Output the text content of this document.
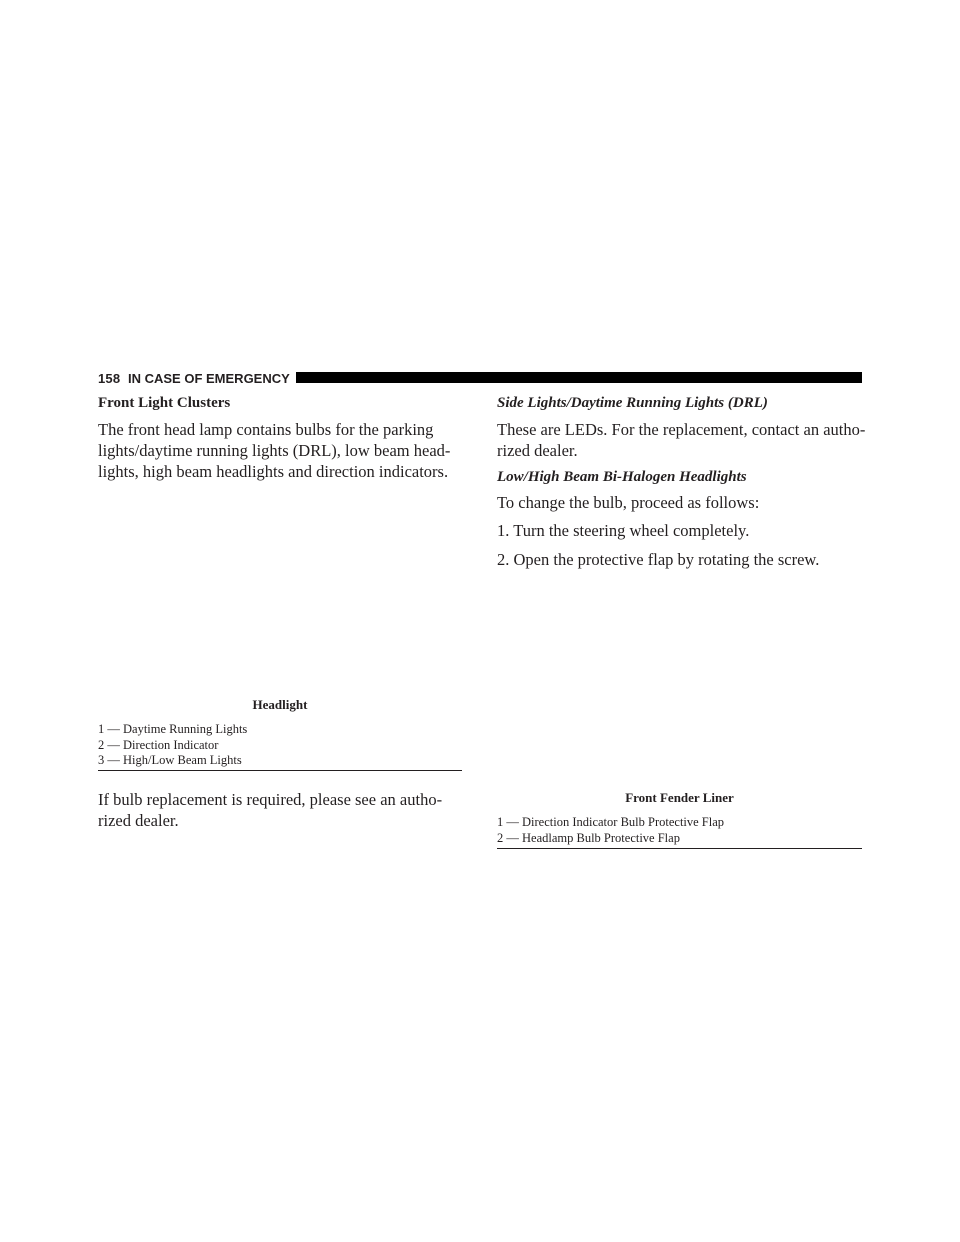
158 IN CASE OF EMERGENCY
Front Light Clusters

The front head lamp contains bulbs for the parking

lights/daytime running lights (DRL), low beam head-

lights, high beam headlights and direction indicators.

Headlight
1 — Daytime Running Lights
2 — Direction Indicator
3 — High/Low Beam Lights

If bulb replacement is required, please see an autho-

rized dealer.

Side Lights/Daytime Running Lights (DRL)

These are LEDs. For the replacement, contact an autho-

rized dealer.

Low/High Beam Bi-Halogen Headlights

To change the bulb, proceed as follows:

1. Turn the steering wheel completely.

2. Open the protective flap by rotating the screw.

Front Fender Liner
1 — Direction Indicator Bulb Protective Flap
2 — Headlamp Bulb Protective Flap
